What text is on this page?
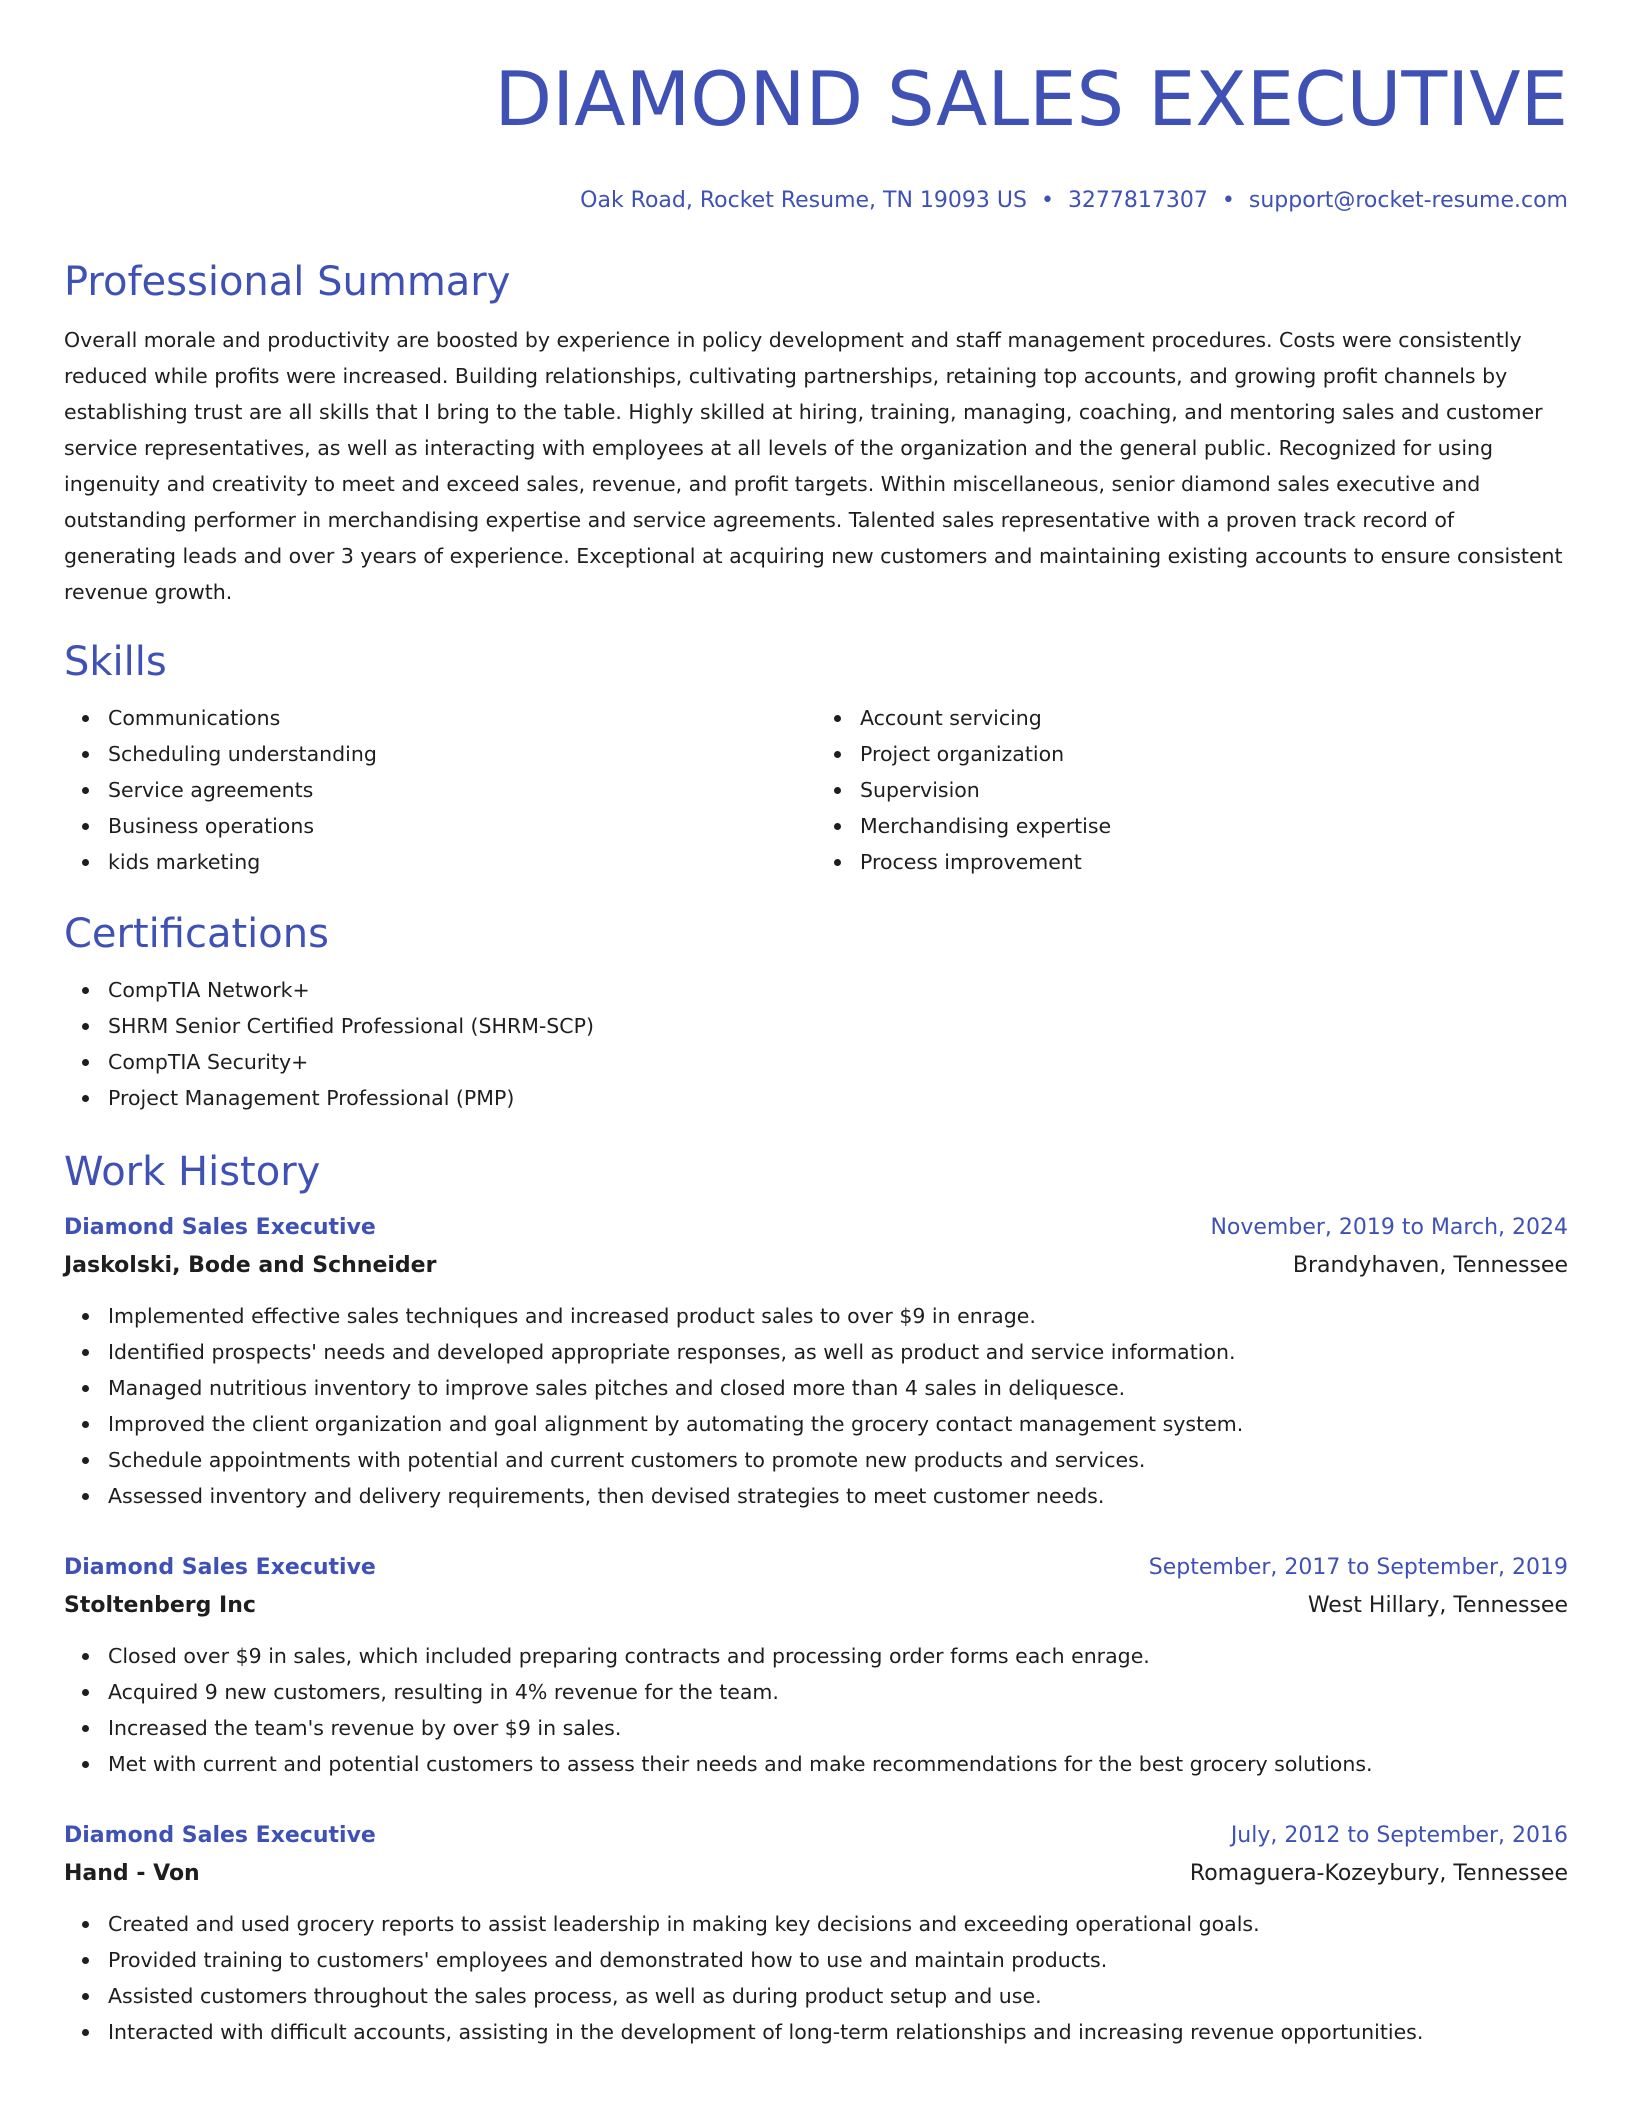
DIAMOND SALES EXECUTIVE
Oak Road, Rocket Resume, TN 19093 US • 3277817307 • support@rocket-resume.com
Professional Summary
Overall morale and productivity are boosted by experience in policy development and staff management procedures. Costs were consistently reduced while profits were increased. Building relationships, cultivating partnerships, retaining top accounts, and growing profit channels by establishing trust are all skills that I bring to the table. Highly skilled at hiring, training, managing, coaching, and mentoring sales and customer service representatives, as well as interacting with employees at all levels of the organization and the general public. Recognized for using ingenuity and creativity to meet and exceed sales, revenue, and profit targets. Within miscellaneous, senior diamond sales executive and outstanding performer in merchandising expertise and service agreements. Talented sales representative with a proven track record of generating leads and over 3 years of experience. Exceptional at acquiring new customers and maintaining existing accounts to ensure consistent revenue growth.
Skills
Communications
Scheduling understanding
Service agreements
Business operations
kids marketing
Account servicing
Project organization
Supervision
Merchandising expertise
Process improvement
Certifications
CompTIA Network+
SHRM Senior Certified Professional (SHRM-SCP)
CompTIA Security+
Project Management Professional (PMP)
Work History
Diamond Sales Executive	November, 2019 to March, 2024
Jaskolski, Bode and Schneider	Brandyhaven, Tennessee
Implemented effective sales techniques and increased product sales to over $9 in enrage.
Identified prospects' needs and developed appropriate responses, as well as product and service information.
Managed nutritious inventory to improve sales pitches and closed more than 4 sales in deliquesce.
Improved the client organization and goal alignment by automating the grocery contact management system.
Schedule appointments with potential and current customers to promote new products and services.
Assessed inventory and delivery requirements, then devised strategies to meet customer needs.
Diamond Sales Executive	September, 2017 to September, 2019
Stoltenberg Inc	West Hillary, Tennessee
Closed over $9 in sales, which included preparing contracts and processing order forms each enrage.
Acquired 9 new customers, resulting in 4% revenue for the team.
Increased the team's revenue by over $9 in sales.
Met with current and potential customers to assess their needs and make recommendations for the best grocery solutions.
Diamond Sales Executive	July, 2012 to September, 2016
Hand - Von	Romaguera-Kozeybury, Tennessee
Created and used grocery reports to assist leadership in making key decisions and exceeding operational goals.
Provided training to customers' employees and demonstrated how to use and maintain products.
Assisted customers throughout the sales process, as well as during product setup and use.
Interacted with difficult accounts, assisting in the development of long-term relationships and increasing revenue opportunities.
